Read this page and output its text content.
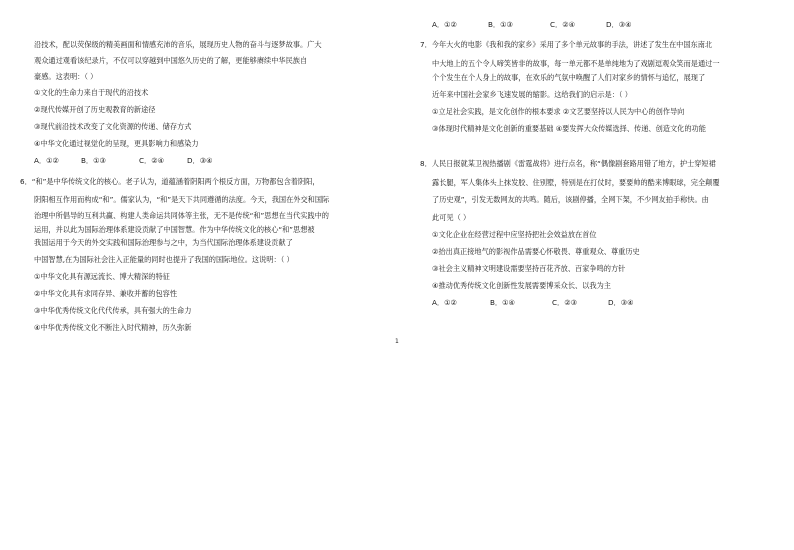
沿技术，配以荧保级的精美画面和情感充沛的音乐，展现历史人物的奋斗与逐梦故事。广大
观众通过观看该纪录片，不仅可以穿越到中国悠久历史的了解，更能够赓续中华民族自
豪感。这表明：（ ）
①文化的生命力来自于现代的沿技术
②现代传媒开创了历史观教育的新途径
③现代前沿技术改变了文化资源的传递、储存方式
④中华文化通过视觉化的呈现，更具影响力和感染力
A．①②	B．①③	C．②④	D．③④
6．“和”是中华传统文化的核心。老子认为，道蕴涵着阴阳两个根反方面，万物都包含着阴阳，
阴阳相互作用而构成“和”。儒家认为，“和”是天下共同遵循的法度。今天，我国在外交和国际
治理中所倡导的互利共赢、构建人类命运共同体等主张，无不是传统“和”思想在当代实践中的
运用，并以此为国际治理体系建设贡献了中国智慧。作为中华传统文化的核心“和”思想被
我国运用于今天的外交实践和国际治理参与之中，为当代国际治理体系建设贡献了
中国智慧,在为国际社会注入正能量的同时也提升了我国的国际地位。这说明：（ ）
①中华文化具有源远流长、博大精深的特征
②中华文化具有求同存异、兼收并蓄的包容性
③中华优秀传统文化代代传承，具有强大的生命力
④中华优秀传统文化不断注入时代精神，历久弥新
A．①②	B．①③	C．②④	D．③④
7．今年大火的电影《我和我的家乡》采用了多个单元故事的手法，讲述了发生在中国东南北
中大地上的五个令人啼笑皆非的故事，每一单元都不是单纯地为了戏剧逗观众笑而是通过一
个个发生在个人身上的故事，在欢乐的气氛中唤醒了人们对家乡的情怀与追忆，展现了
近年来中国社会家乡飞速发展的缩影。这给我们的启示是：（ ）
①立足社会实践，是文化创作的根本要求 ②文艺要坚持以人民为中心的创作导向
③体现时代精神是文化创新的重要基础 ④要发挥大众传媒选择、传递、创造文化的功能
8．人民日报就某卫视热播剧《雷霆战将》进行点名，称“偶像剧套路用错了地方，护士穿短裙
露长腿，军人集体头上抹发胶、住别墅，特别是在打仗时，要要帅的酷来博眼球，完全颠覆
了历史观”，引发无数网友的共鸣。随后，该剧停播，全网下架，不少网友拍手称快。由
此可见（ ）
①文化企业在经营过程中应坚持把社会效益放在首位
②抬出真正接地气的影视作品需要心怀敬畏、尊重观众、尊重历史
③社会主义精神文明建设需要坚持百花齐放、百家争鸣的方针
④推动优秀传统文化创新性发展需要博采众长、以我为主
A．①②	B．①④	C．②③	D．③④
1
